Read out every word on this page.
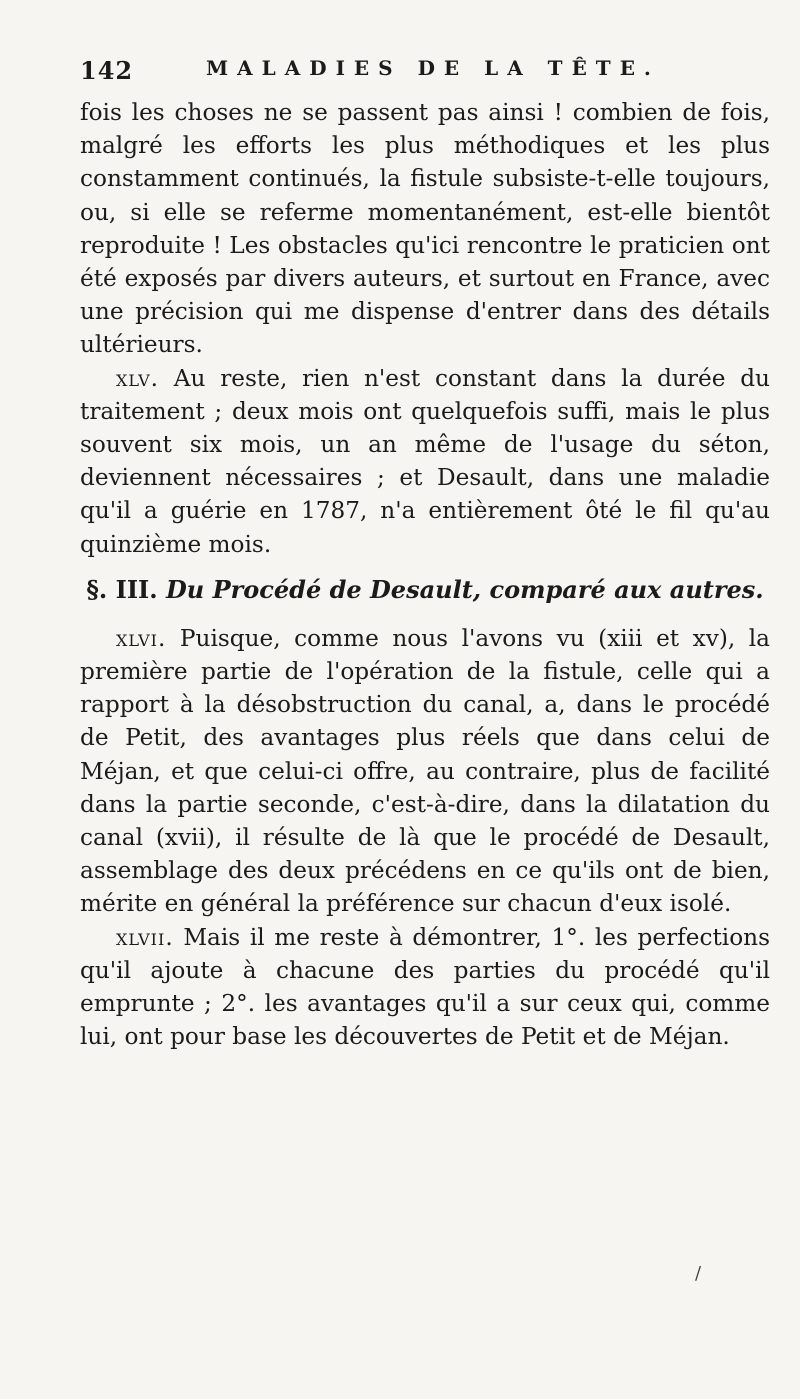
142	MALADIES DE LA TÊTE.

fois les choses ne se passent pas ainsi ! combien de fois, malgré les efforts les plus méthodiques et les plus constamment continués, la fistule subsiste-t-elle toujours, ou, si elle se referme momentanément, est-elle bientôt reproduite ! Les obstacles qu'ici rencontre le praticien ont été exposés par divers auteurs, et surtout en France, avec une précision qui me dispense d'entrer dans des détails ultérieurs.

xlv. Au reste, rien n'est constant dans la durée du traitement ; deux mois ont quelquefois suffi, mais le plus souvent six mois, un an même de l'usage du séton, deviennent nécessaires ; et Desault, dans une maladie qu'il a guérie en 1787, n'a entièrement ôté le fil qu'au quinzième mois.

§. III. Du Procédé de Desault, comparé aux autres.

xlvi. Puisque, comme nous l'avons vu (xiii et xv), la première partie de l'opération de la fistule, celle qui a rapport à la désobstruction du canal, a, dans le procédé de Petit, des avantages plus réels que dans celui de Méjan, et que celui-ci offre, au contraire, plus de facilité dans la partie seconde, c'est-à-dire, dans la dilatation du canal (xvii), il résulte de là que le procédé de Desault, assemblage des deux précédens en ce qu'ils ont de bien, mérite en général la préférence sur chacun d'eux isolé.

xlvii. Mais il me reste à démontrer, 1°. les perfections qu'il ajoute à chacune des parties du procédé qu'il emprunte ; 2°. les avantages qu'il a sur ceux qui, comme lui, ont pour base les découvertes de Petit et de Méjan.

/
